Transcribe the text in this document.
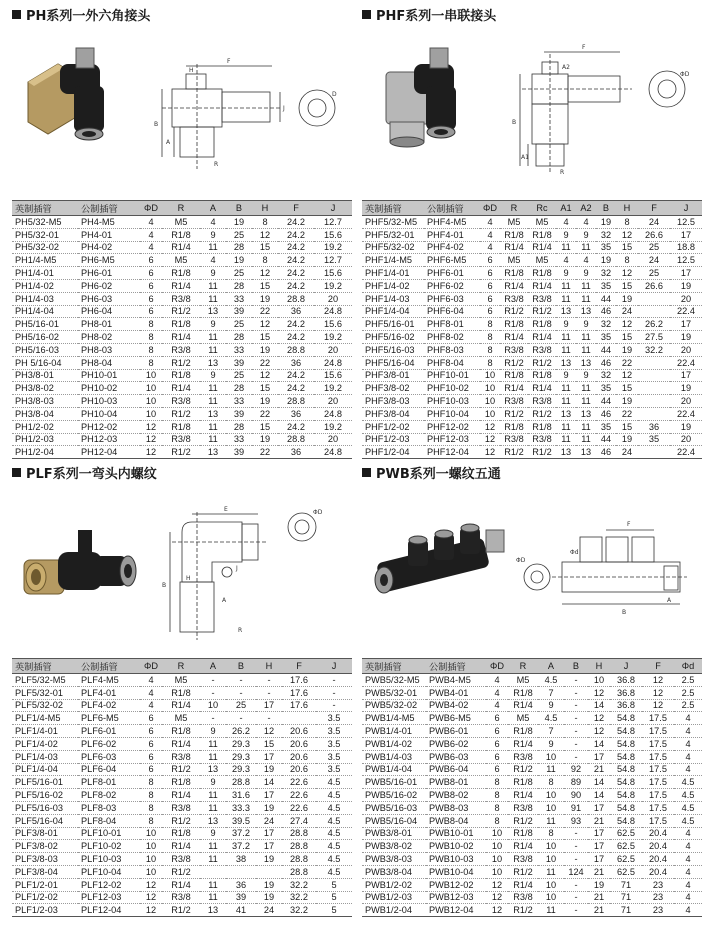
PH系列一外六角接头
F
H
B
A
J
D
R
英制插管	公制插管	ΦD	R	A	B	H	F	J
PH5/32-M5	PH4-M5	4	M5	4	19	8	24.2	12.7
PH5/32-01	PH4-01	4	R1/8	9	25	12	24.2	15.6
PH5/32-02	PH4-02	4	R1/4	11	28	15	24.2	19.2
PH1/4-M5	PH6-M5	6	M5	4	19	8	24.2	12.7
PH1/4-01	PH6-01	6	R1/8	9	25	12	24.2	15.6
PH1/4-02	PH6-02	6	R1/4	11	28	15	24.2	19.2
PH1/4-03	PH6-03	6	R3/8	11	33	19	28.8	20
PH1/4-04	PH6-04	6	R1/2	13	39	22	36	24.8
PH5/16-01	PH8-01	8	R1/8	9	25	12	24.2	15.6
PH5/16-02	PH8-02	8	R1/4	11	28	15	24.2	19.2
PH5/16-03	PH8-03	8	R3/8	11	33	19	28.8	20
PH 5/16-04	PH8-04	8	R1/2	13	39	22	36	24.8
PH3/8-01	PH10-01	10	R1/8	9	25	12	24.2	15.6
PH3/8-02	PH10-02	10	R1/4	11	28	15	24.2	19.2
PH3/8-03	PH10-03	10	R3/8	11	33	19	28.8	20
PH3/8-04	PH10-04	10	R1/2	13	39	22	36	24.8
PH1/2-02	PH12-02	12	R1/8	11	28	15	24.2	19.2
PH1/2-03	PH12-03	12	R3/8	11	33	19	28.8	20
PH1/2-04	PH12-04	12	R1/2	13	39	22	36	24.8
PHF系列一串联接头
F
B
A1
A2
ΦD
R
英制插管	公制插管	ΦD	R	Rc	A1	A2	B	H	F	J
PHF5/32-M5	PHF4-M5	4	M5	M5	4	4	19	8	24	12.5
PHF5/32-01	PHF4-01	4	R1/8	R1/8	9	9	32	12	26.6	17
PHF5/32-02	PHF4-02	4	R1/4	R1/4	11	11	35	15	25	18.8
PHF1/4-M5	PHF6-M5	6	M5	M5	4	4	19	8	24	12.5
PHF1/4-01	PHF6-01	6	R1/8	R1/8	9	9	32	12	25	17
PHF1/4-02	PHF6-02	6	R1/4	R1/4	11	11	35	15	26.6	19
PHF1/4-03	PHF6-03	6	R3/8	R3/8	11	11	44	19		20
PHF1/4-04	PHF6-04	6	R1/2	R1/2	13	13	46	24		22.4
PHF5/16-01	PHF8-01	8	R1/8	R1/8	9	9	32	12	26.2	17
PHF5/16-02	PHF8-02	8	R1/4	R1/4	11	11	35	15	27.5	19
PHF5/16-03	PHF8-03	8	R3/8	R3/8	11	11	44	19	32.2	20
PHF5/16-04	PHF8-04	8	R1/2	R1/2	13	13	46	22		22.4
PHF3/8-01	PHF10-01	10	R1/8	R1/8	9	9	32	12		17
PHF3/8-02	PHF10-02	10	R1/4	R1/4	11	11	35	15		19
PHF3/8-03	PHF10-03	10	R3/8	R3/8	11	11	44	19		20
PHF3/8-04	PHF10-04	10	R1/2	R1/2	13	13	46	22		22.4
PHF1/2-02	PHF12-02	12	R1/8	R1/8	11	11	35	15	36	19
PHF1/2-03	PHF12-03	12	R3/8	R3/8	11	11	44	19	35	20
PHF1/2-04	PHF12-04	12	R1/2	R1/2	13	13	46	24		22.4
PLF系列一弯头内螺纹
E
B
H
A
R
ΦD
J
英制插管	公制插管	ΦD	R	A	B	H	F	J
PLF5/32-M5	PLF4-M5	4	M5	-	-	-	17.6	-
PLF5/32-01	PLF4-01	4	R1/8	-	-	-	17.6	-
PLF5/32-02	PLF4-02	4	R1/4	10	25	17	17.6	-
PLF1/4-M5	PLF6-M5	6	M5	-	-	-		3.5
PLF1/4-01	PLF6-01	6	R1/8	9	26.2	12	20.6	3.5
PLF1/4-02	PLF6-02	6	R1/4	11	29.3	15	20.6	3.5
PLF1/4-03	PLF6-03	6	R3/8	11	29.3	17	20.6	3.5
PLF1/4-04	PLF6-04	6	R1/2	13	29.3	19	20.6	3.5
PLF5/16-01	PLF8-01	8	R1/8	9	28.8	14	22.6	4.5
PLF5/16-02	PLF8-02	8	R1/4	11	31.6	17	22.6	4.5
PLF5/16-03	PLF8-03	8	R3/8	11	33.3	19	22.6	4.5
PLF5/16-04	PLF8-04	8	R1/2	13	39.5	24	27.4	4.5
PLF3/8-01	PLF10-01	10	R1/8	9	37.2	17	28.8	4.5
PLF3/8-02	PLF10-02	10	R1/4	11	37.2	17	28.8	4.5
PLF3/8-03	PLF10-03	10	R3/8	11	38	19	28.8	4.5
PLF3/8-04	PLF10-04	10	R1/2				28.8	4.5
PLF1/2-01	PLF12-02	12	R1/4	11	36	19	32.2	5
PLF1/2-02	PLF12-03	12	R3/8	11	39	19	32.2	5
PLF1/2-03	PLF12-04	12	R1/2	13	41	24	32.2	5
PWB系列一螺纹五通
B
F
ΦD
Φd
A
英制插管	公制插管	ΦD	R	A	B	H	J	F	Φd
PWB5/32-M5	PWB4-M5	4	M5	4.5	-	10	36.8	12	2.5
PWB5/32-01	PWB4-01	4	R1/8	7	-	12	36.8	12	2.5
PWB5/32-02	PWB4-02	4	R1/4	9	-	14	36.8	12	2.5
PWB1/4-M5	PWB6-M5	6	M5	4.5	-	12	54.8	17.5	4
PWB1/4-01	PWB6-01	6	R1/8	7	-	12	54.8	17.5	4
PWB1/4-02	PWB6-02	6	R1/4	9	-	14	54.8	17.5	4
PWB1/4-03	PWB6-03	6	R3/8	10	-	17	54.8	17.5	4
PWB1/4-04	PWB6-04	6	R1/2	11	92	21	54.8	17.5	4
PWB5/16-01	PWB8-01	8	R1/8	8	89	14	54.8	17.5	4.5
PWB5/16-02	PWB8-02	8	R1/4	10	90	14	54.8	17.5	4.5
PWB5/16-03	PWB8-03	8	R3/8	10	91	17	54.8	17.5	4.5
PWB5/16-04	PWB8-04	8	R1/2	11	93	21	54.8	17.5	4.5
PWB3/8-01	PWB10-01	10	R1/8	8	-	17	62.5	20.4	4
PWB3/8-02	PWB10-02	10	R1/4	10	-	17	62.5	20.4	4
PWB3/8-03	PWB10-03	10	R3/8	10	-	17	62.5	20.4	4
PWB3/8-04	PWB10-04	10	R1/2	11	124	21	62.5	20.4	4
PWB1/2-02	PWB12-02	12	R1/4	10	-	19	71	23	4
PWB1/2-03	PWB12-03	12	R3/8	10	-	21	71	23	4
PWB1/2-04	PWB12-04	12	R1/2	11	-	21	71	23	4
